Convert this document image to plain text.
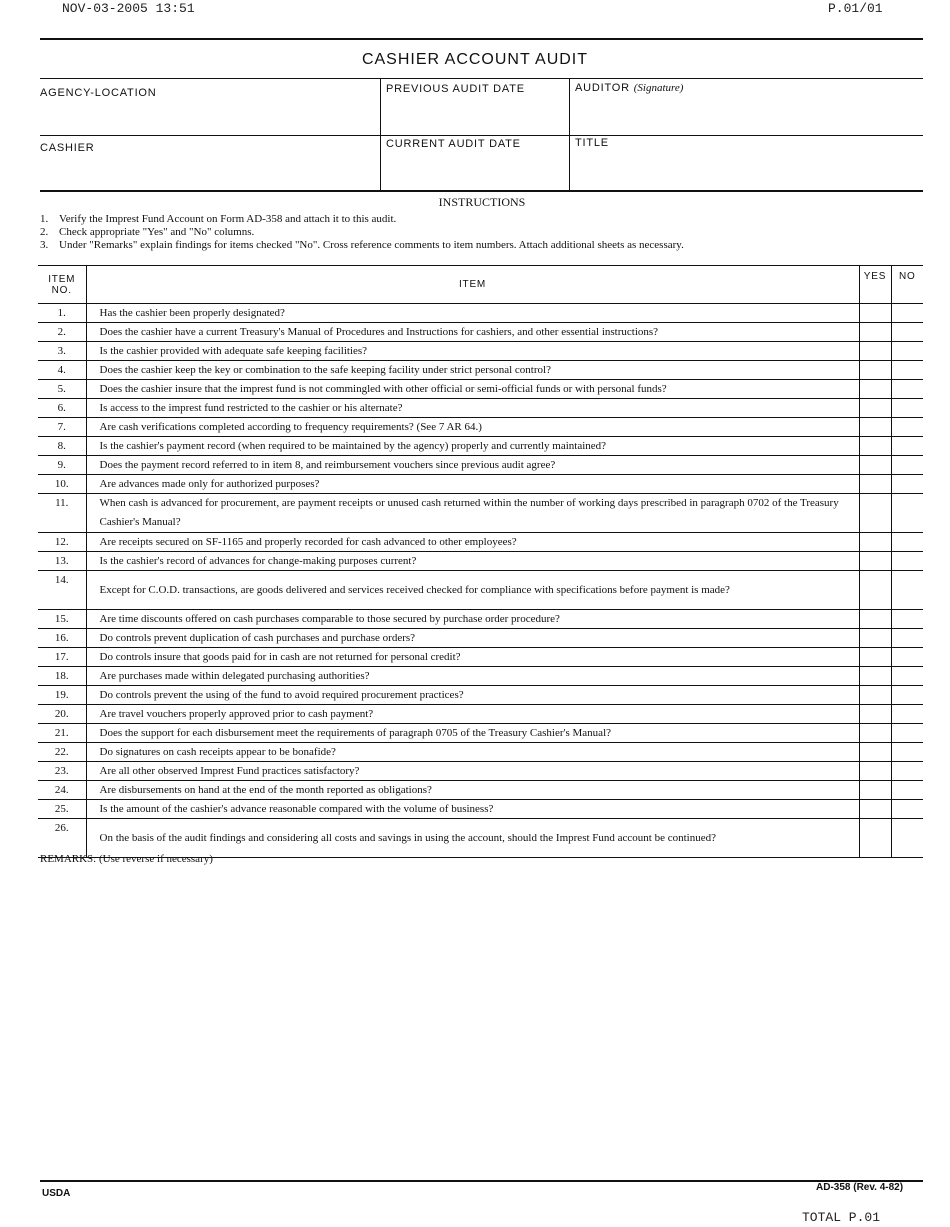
NOV-03-2005 13:51	P.01/01
CASHIER ACCOUNT AUDIT
AGENCY-LOCATION	PREVIOUS AUDIT DATE	AUDITOR (Signature)
CASHIER	CURRENT AUDIT DATE	TITLE
INSTRUCTIONS
1. Verify the Imprest Fund Account on Form AD-358 and attach it to this audit.
2. Check appropriate "Yes" and "No" columns.
3. Under "Remarks" explain findings for items checked "No". Cross reference comments to item numbers. Attach additional sheets as necessary.
ITEM NO.	ITEM	YES	NO
1.	Has the cashier been properly designated?		
2.	Does the cashier have a current Treasury's Manual of Procedures and Instructions for cashiers, and other essential instructions?		
3.	Is the cashier provided with adequate safe keeping facilities?		
4.	Does the cashier keep the key or combination to the safe keeping facility under strict personal control?		
5.	Does the cashier insure that the imprest fund is not commingled with other official or semi-official funds or with personal funds?		
6.	Is access to the imprest fund restricted to the cashier or his alternate?		
7.	Are cash verifications completed according to frequency requirements? (See 7 AR 64.)		
8.	Is the cashier's payment record (when required to be maintained by the agency) properly and currently maintained?		
9.	Does the payment record referred to in item 8, and reimbursement vouchers since previous audit agree?		
10.	Are advances made only for authorized purposes?		
11.	When cash is advanced for procurement, are payment receipts or unused cash returned within the number of working days prescribed in paragraph 0702 of the Treasury Cashier's Manual?		
12.	Are receipts secured on SF-1165 and properly recorded for cash advanced to other employees?		
13.	Is the cashier's record of advances for change-making purposes current?		
14.	Except for C.O.D. transactions, are goods delivered and services received checked for compliance with specifications before payment is made?		
15.	Are time discounts offered on cash purchases comparable to those secured by purchase order procedure?		
16.	Do controls prevent duplication of cash purchases and purchase orders?		
17.	Do controls insure that goods paid for in cash are not returned for personal credit?		
18.	Are purchases made within delegated purchasing authorities?		
19.	Do controls prevent the using of the fund to avoid required procurement practices?		
20.	Are travel vouchers properly approved prior to cash payment?		
21.	Does the support for each disbursement meet the requirements of paragraph 0705 of the Treasury Cashier's Manual?		
22.	Do signatures on cash receipts appear to be bonafide?		
23.	Are all other observed Imprest Fund practices satisfactory?		
24.	Are disbursements on hand at the end of the month reported as obligations?		
25.	Is the amount of the cashier's advance reasonable compared with the volume of business?		
26.	On the basis of the audit findings and considering all costs and savings in using the account, should the Imprest Fund account be continued?		
REMARKS: (Use reverse if necessary)
USDA
AD-358 (Rev. 4-82)
TOTAL P.01
